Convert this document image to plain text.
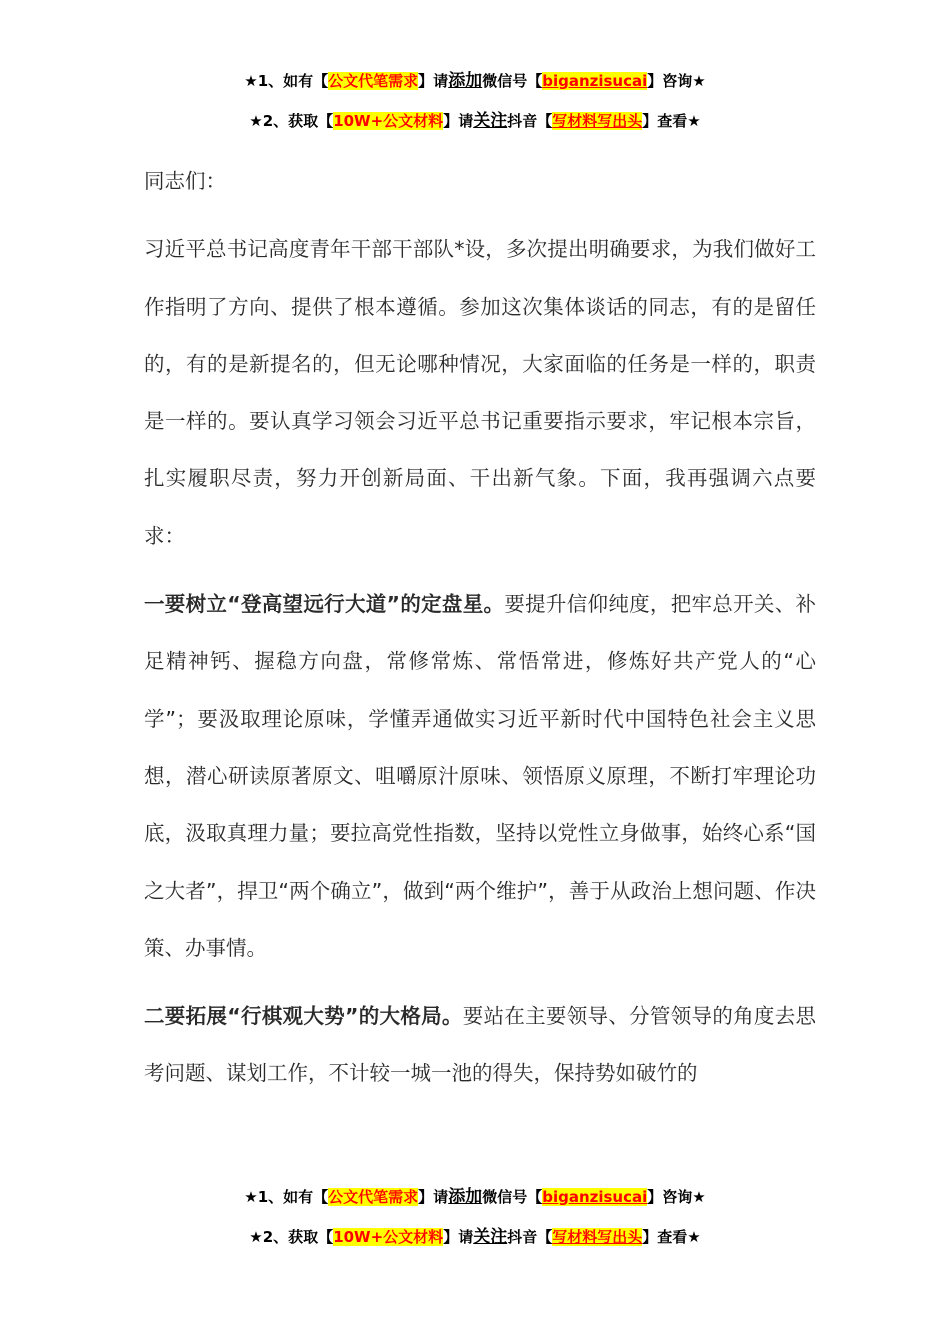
★1、如有【公文代笔需求】请添加微信号【biganzisucai】咨询★
★2、获取【10W+公文材料】请关注抖音【写材料写出头】查看★

同志们：

习近平总书记高度青年干部干部队*设，多次提出明确要求，为我们做好工作指明了方向、提供了根本遵循。参加这次集体谈话的同志，有的是留任的，有的是新提名的，但无论哪种情况，大家面临的任务是一样的，职责是一样的。要认真学习领会习近平总书记重要指示要求，牢记根本宗旨，扎实履职尽责，努力开创新局面、干出新气象。下面，我再强调六点要求：

一要树立“登高望远行大道”的定盘星。要提升信仰纯度，把牢总开关、补足精神钙、握稳方向盘，常修常炼、常悟常进，修炼好共产党人的“心学”；要汲取理论原味，学懂弄通做实习近平新时代中国特色社会主义思想，潜心研读原著原文、咀嚼原汁原味、领悟原义原理，不断打牢理论功底，汲取真理力量；要拉高党性指数，坚持以党性立身做事，始终心系“国之大者”，捍卫“两个确立”，做到“两个维护”，善于从政治上想问题、作决策、办事情。

二要拓展“行棋观大势”的大格局。要站在主要领导、分管领导的角度去思考问题、谋划工作，不计较一城一池的得失，保持势如破竹的

★1、如有【公文代笔需求】请添加微信号【biganzisucai】咨询★
★2、获取【10W+公文材料】请关注抖音【写材料写出头】查看★
